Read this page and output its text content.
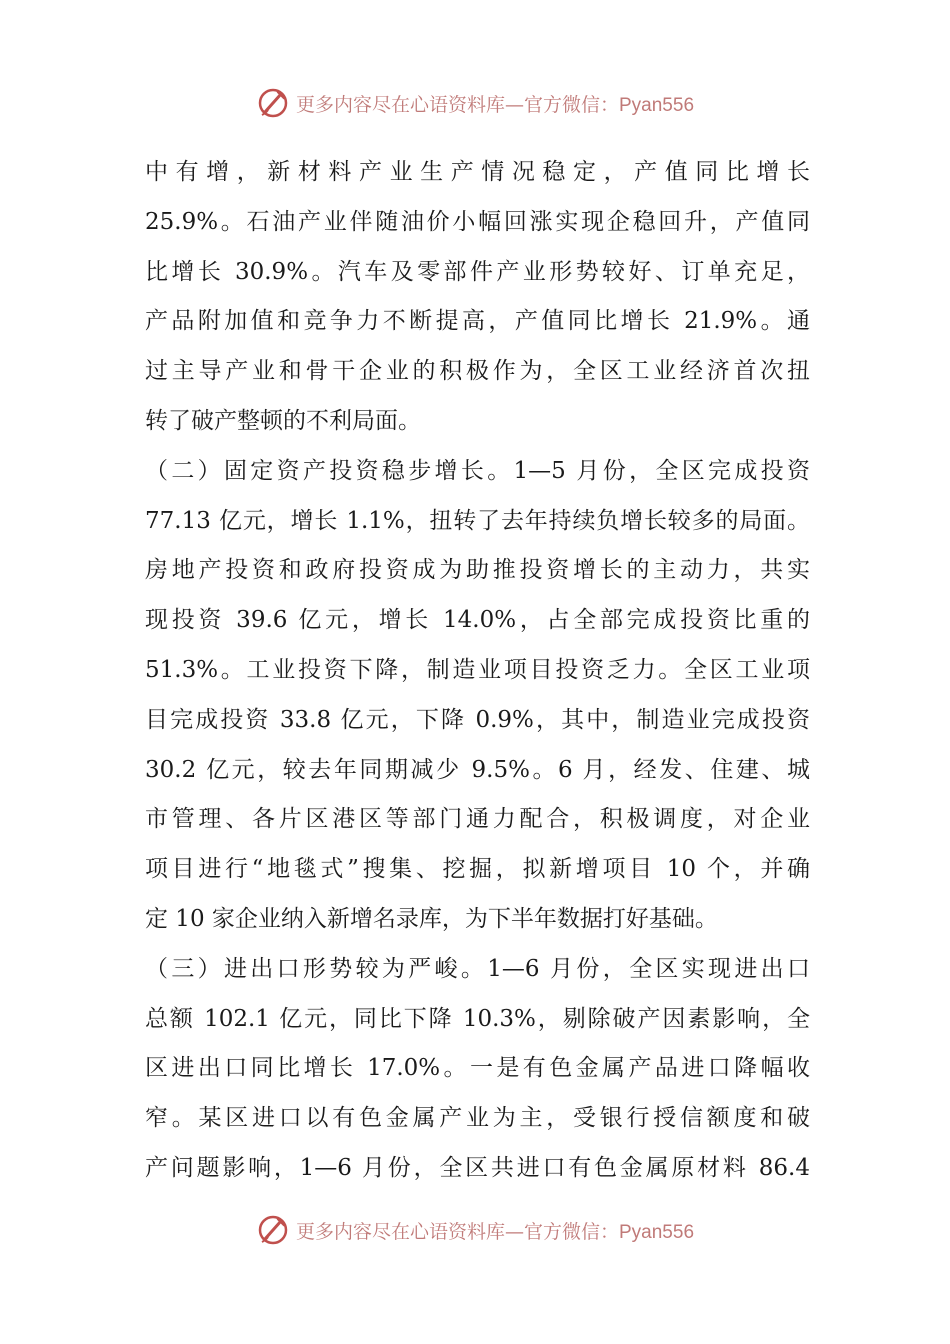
更多内容尽在心语资料库—官方微信：Pyan556
中有增，新材料产业生产情况稳定，产值同比增长
25.9%。石油产业伴随油价小幅回涨实现企稳回升，产值同
比增长 30.9%。汽车及零部件产业形势较好、订单充足，
产品附加值和竞争力不断提高，产值同比增长 21.9%。通
过主导产业和骨干企业的积极作为，全区工业经济首次扭
转了破产整顿的不利局面。
（二）固定资产投资稳步增长。1—5 月份，全区完成投资
77.13 亿元，增长 1.1%，扭转了去年持续负增长较多的局面。
房地产投资和政府投资成为助推投资增长的主动力，共实
现投资 39.6 亿元，增长 14.0%，占全部完成投资比重的
51.3%。工业投资下降，制造业项目投资乏力。全区工业项
目完成投资 33.8 亿元，下降 0.9%，其中，制造业完成投资
30.2 亿元，较去年同期减少 9.5%。6 月，经发、住建、城
市管理、各片区港区等部门通力配合，积极调度，对企业
项目进行“地毯式”搜集、挖掘，拟新增项目 10 个，并确
定 10 家企业纳入新增名录库，为下半年数据打好基础。
（三）进出口形势较为严峻。1—6 月份，全区实现进出口
总额 102.1 亿元，同比下降 10.3%，剔除破产因素影响，全
区进出口同比增长 17.0%。一是有色金属产品进口降幅收
窄。某区进口以有色金属产业为主，受银行授信额度和破
产问题影响，1—6 月份，全区共进口有色金属原材料 86.4
更多内容尽在心语资料库—官方微信：Pyan556
